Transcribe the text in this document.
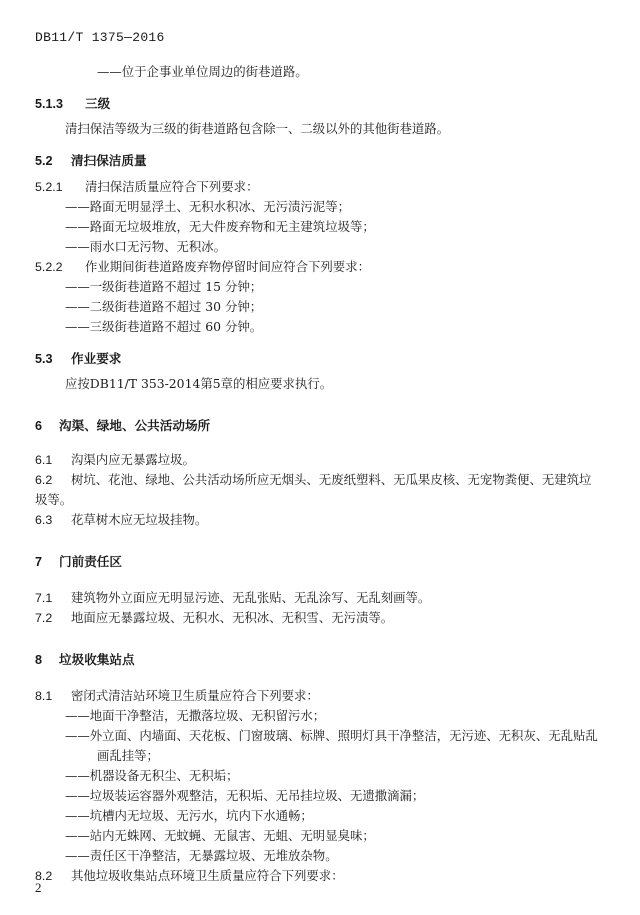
DB11/T 1375—2016
——位于企事业单位周边的街巷道路。
5.1.3 三级
清扫保洁等级为三级的街巷道路包含除一、二级以外的其他街巷道路。
5.2 清扫保洁质量
5.2.1 清扫保洁质量应符合下列要求：
——路面无明显浮土、无积水积冰、无污渍污泥等；
——路面无垃圾堆放，无大件废弃物和无主建筑垃圾等；
——雨水口无污物、无积冰。
5.2.2 作业期间街巷道路废弃物停留时间应符合下列要求：
——一级街巷道路不超过 15 分钟；
——二级街巷道路不超过 30 分钟；
——三级街巷道路不超过 60 分钟。
5.3 作业要求
应按DB11/T 353-2014第5章的相应要求执行。
6 沟渠、绿地、公共活动场所
6.1 沟渠内应无暴露垃圾。
6.2 树坑、花池、绿地、公共活动场所应无烟头、无废纸塑料、无瓜果皮核、无宠物粪便、无建筑垃
圾等。
6.3 花草树木应无垃圾挂物。
7 门前责任区
7.1 建筑物外立面应无明显污迹、无乱张贴、无乱涂写、无乱刻画等。
7.2 地面应无暴露垃圾、无积水、无积冰、无积雪、无污渍等。
8 垃圾收集站点
8.1 密闭式清洁站环境卫生质量应符合下列要求：
——地面干净整洁，无撒落垃圾、无积留污水；
——外立面、内墙面、天花板、门窗玻璃、标牌、照明灯具干净整洁，无污迹、无积灰、无乱贴乱
画乱挂等；
——机器设备无积尘、无积垢；
——垃圾装运容器外观整洁，无积垢、无吊挂垃圾、无遗撒滴漏；
——坑槽内无垃圾、无污水，坑内下水通畅；
——站内无蛛网、无蚊蝇、无鼠害、无蛆、无明显臭味；
——责任区干净整洁，无暴露垃圾、无堆放杂物。
8.2 其他垃圾收集站点环境卫生质量应符合下列要求：
2
